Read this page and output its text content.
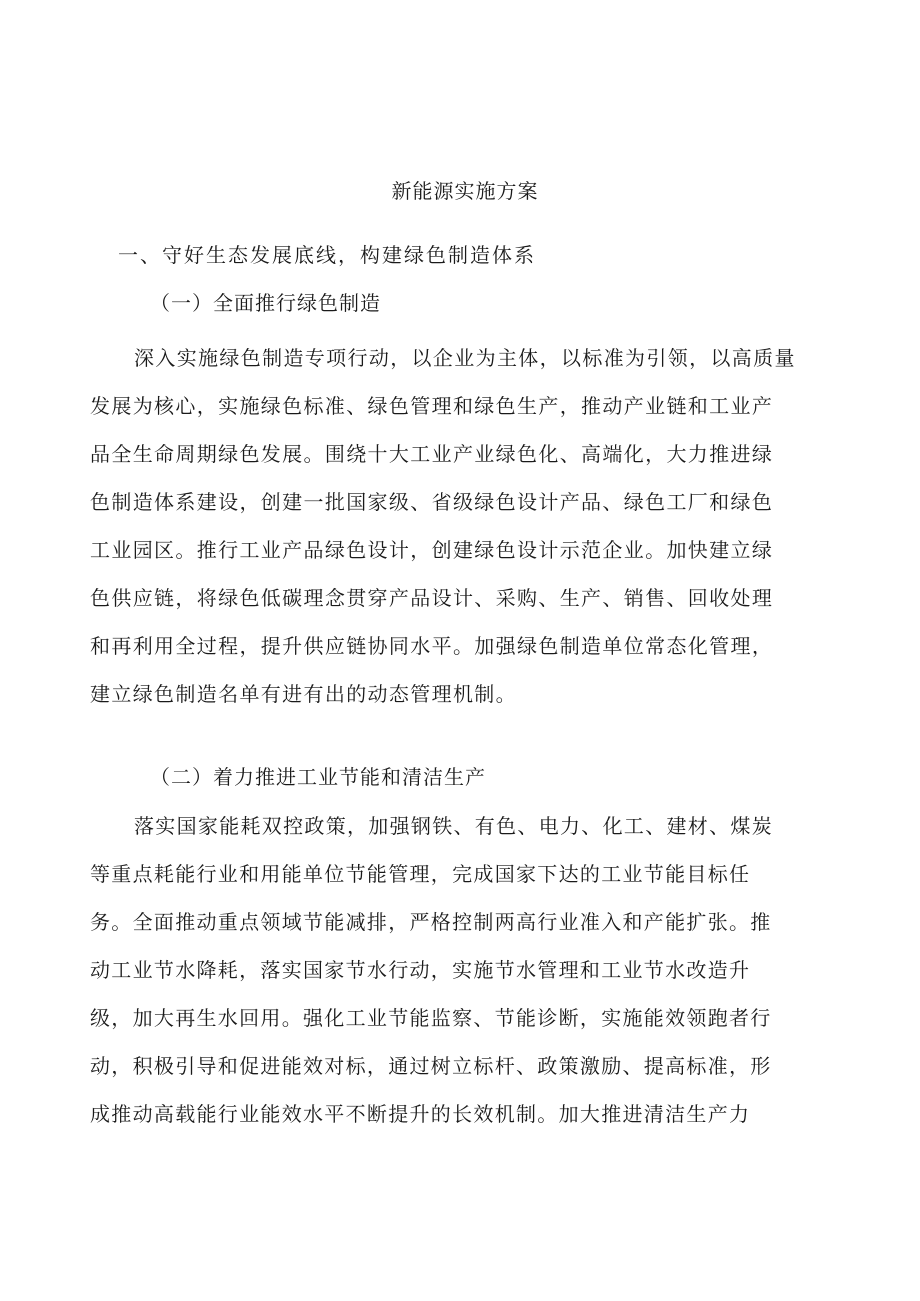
新能源实施方案
一、守好生态发展底线，构建绿色制造体系
（一）全面推行绿色制造
深入实施绿色制造专项行动，以企业为主体，以标准为引领，以高质量
发展为核心，实施绿色标准、绿色管理和绿色生产，推动产业链和工业产
品全生命周期绿色发展。围绕十大工业产业绿色化、高端化，大力推进绿
色制造体系建设，创建一批国家级、省级绿色设计产品、绿色工厂和绿色
工业园区。推行工业产品绿色设计，创建绿色设计示范企业。加快建立绿
色供应链，将绿色低碳理念贯穿产品设计、采购、生产、销售、回收处理
和再利用全过程，提升供应链协同水平。加强绿色制造单位常态化管理，
建立绿色制造名单有进有出的动态管理机制。
（二）着力推进工业节能和清洁生产
落实国家能耗双控政策，加强钢铁、有色、电力、化工、建材、煤炭
等重点耗能行业和用能单位节能管理，完成国家下达的工业节能目标任
务。全面推动重点领域节能减排，严格控制两高行业准入和产能扩张。推
动工业节水降耗，落实国家节水行动，实施节水管理和工业节水改造升
级，加大再生水回用。强化工业节能监察、节能诊断，实施能效领跑者行
动，积极引导和促进能效对标，通过树立标杆、政策激励、提高标准，形
成推动高载能行业能效水平不断提升的长效机制。加大推进清洁生产力
